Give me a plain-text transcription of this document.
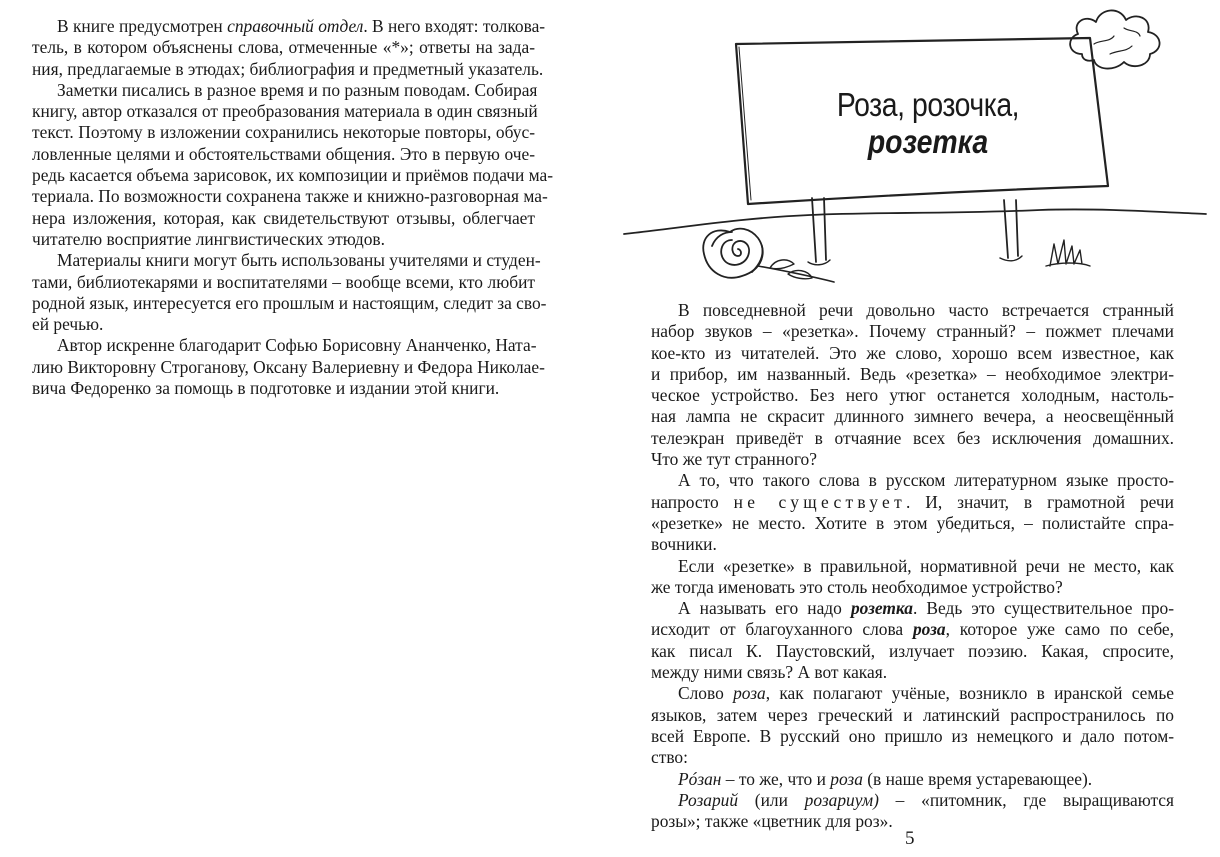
В книге предусмотрен справочный отдел. В него входят: толкова-
тель, в котором объяснены слова, отмеченные «*»; ответы на зада-
ния, предлагаемые в этюдах; библиография и предметный указатель.

Заметки писались в разное время и по разным поводам. Собирая
книгу, автор отказался от преобразования материала в один связный
текст. Поэтому в изложении сохранились некоторые повторы, обус-
ловленные целями и обстоятельствами общения. Это в первую оче-
редь касается объема зарисовок, их композиции и приёмов подачи ма-
териала. По возможности сохранена также и книжно-разговорная ма-
нера изложения, которая, как свидетельствуют отзывы, облегчает
читателю восприятие лингвистических этюдов.

Материалы книги могут быть использованы учителями и студен-
тами, библиотекарями и воспитателями – вообще всеми, кто любит
родной язык, интересуется его прошлым и настоящим, следит за сво-
ей речью.

Автор искренне благодарит Софью Борисовну Ананченко, Ната-
лию Викторовну Строганову, Оксану Валериевну и Федора Николае-
вича Федоренко за помощь в подготовке и издании этой книги.

Роза, розочка,
розетка

В повседневной речи довольно часто встречается странный
набор звуков – «резетка». Почему странный? – пожмет плечами
кое-кто из читателей. Это же слово, хорошо всем известное, как
и прибор, им названный. Ведь «резетка» – необходимое электри-
ческое устройство. Без него утюг останется холодным, настоль-
ная лампа не скрасит длинного зимнего вечера, а неосвещённый
телеэкран приведёт в отчаяние всех без исключения домашних.
Что же тут странного?

А то, что такого слова в русском литературном языке просто-
напросто не существует. И, значит, в грамотной речи
«резетке» не место. Хотите в этом убедиться, – полистайте спра-
вочники.

Если «резетке» в правильной, нормативной речи не место, как
же тогда именовать это столь необходимое устройство?

А называть его надо розетка. Ведь это существительное про-
исходит от благоуханного слова роза, которое уже само по себе,
как писал К. Паустовский, излучает поэзию. Какая, спросите,
между ними связь? А вот какая.

Слово роза, как полагают учёные, возникло в иранской семье
языков, затем через греческий и латинский распространилось по
всей Европе. В русский оно пришло из немецкого и дало потом-
ство:

Рóзан – то же, что и роза (в наше время устаревающее).

Розарий (или розариум) – «питомник, где выращиваются
розы»; также «цветник для роз».

5
